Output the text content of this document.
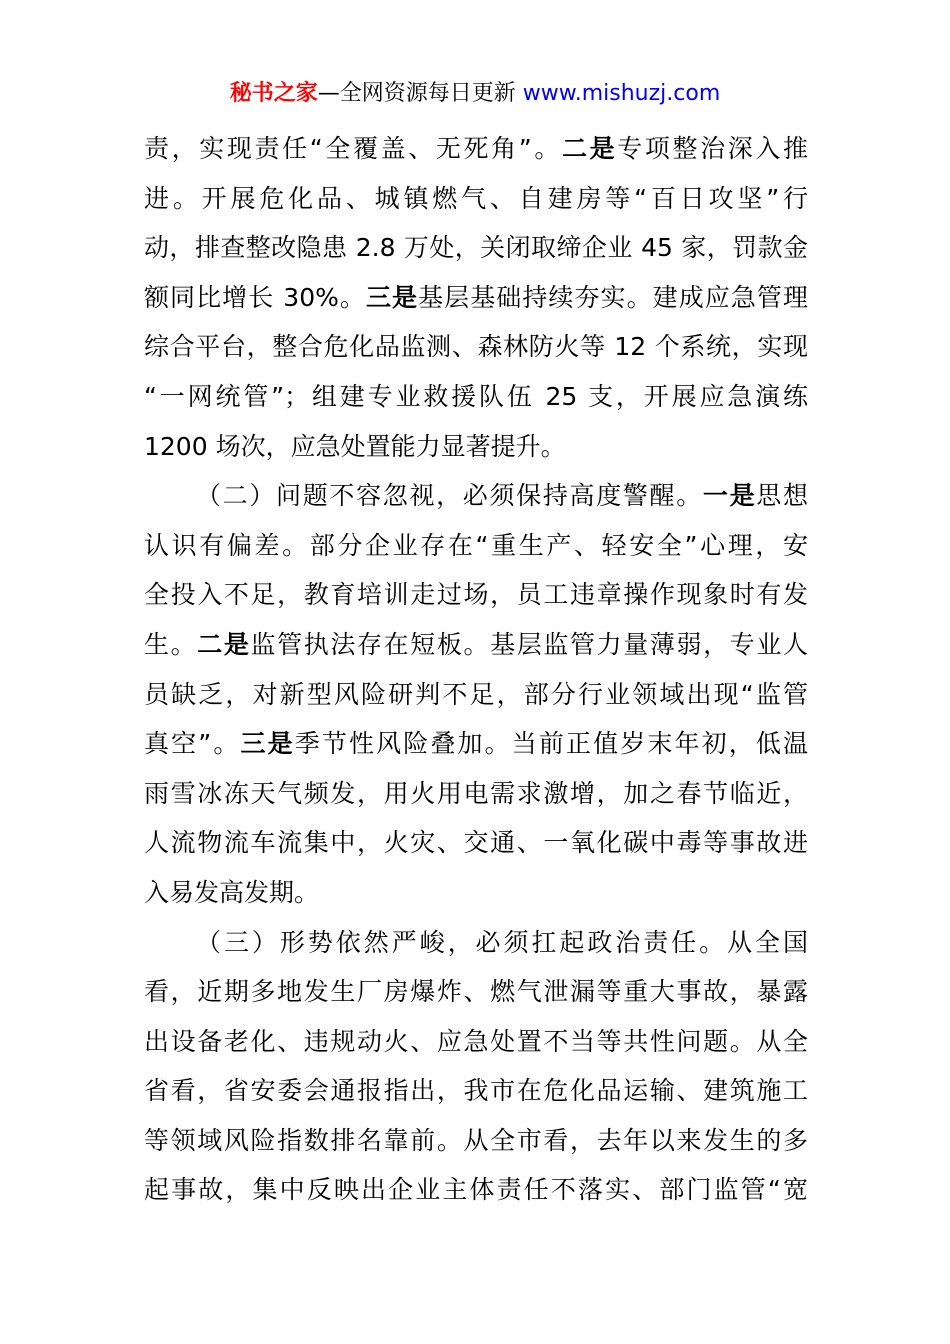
秘书之家—全网资源每日更新 www.mishuzj.com
责，实现责任“全覆盖、无死角”。二是专项整治深入推
进。开展危化品、城镇燃气、自建房等“百日攻坚”行
动，排查整改隐患 2.8 万处，关闭取缔企业 45 家，罚款金
额同比增长 30%。三是基层基础持续夯实。建成应急管理
综合平台，整合危化品监测、森林防火等 12 个系统，实现
“一网统管”；组建专业救援队伍 25 支，开展应急演练
1200 场次，应急处置能力显著提升。
（二）问题不容忽视，必须保持高度警醒。一是思想
认识有偏差。部分企业存在“重生产、轻安全”心理，安
全投入不足，教育培训走过场，员工违章操作现象时有发
生。二是监管执法存在短板。基层监管力量薄弱，专业人
员缺乏，对新型风险研判不足，部分行业领域出现“监管
真空”。三是季节性风险叠加。当前正值岁末年初，低温
雨雪冰冻天气频发，用火用电需求激增，加之春节临近，
人流物流车流集中，火灾、交通、一氧化碳中毒等事故进
入易发高发期。
（三）形势依然严峻，必须扛起政治责任。从全国
看，近期多地发生厂房爆炸、燃气泄漏等重大事故，暴露
出设备老化、违规动火、应急处置不当等共性问题。从全
省看，省安委会通报指出，我市在危化品运输、建筑施工
等领域风险指数排名靠前。从全市看，去年以来发生的多
起事故，集中反映出企业主体责任不落实、部门监管“宽
